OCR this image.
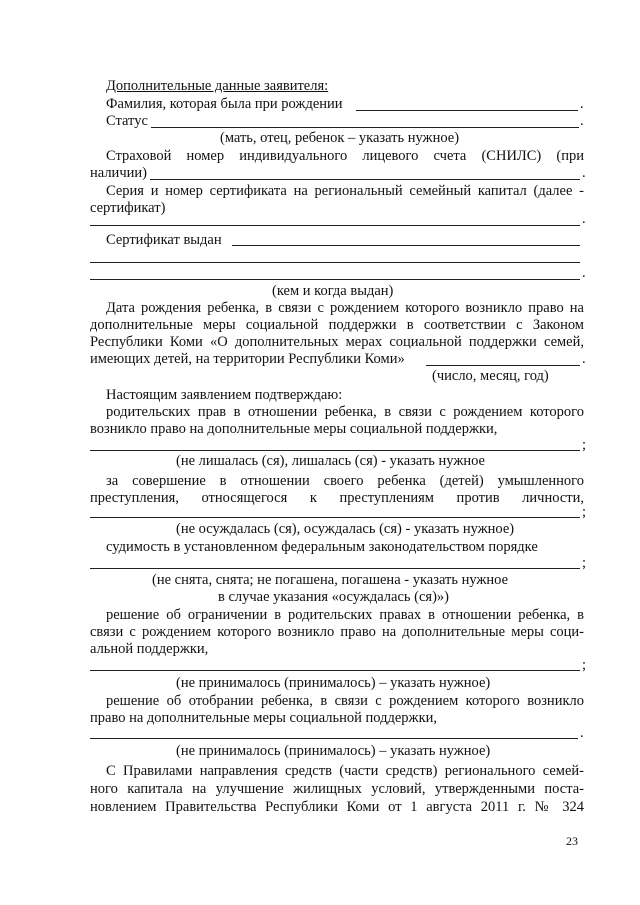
Дополнительные данные заявителя:
Фамилия, которая была при рождении	.
Статус	.
(мать, отец, ребенок – указать нужное)
Страховой номер индивидуального лицевого счета (СНИЛС) (при
наличии)	.
Серия и номер сертификата на региональный семейный капитал (далее -
сертификат)
.
Сертификат выдан
.
(кем и когда выдан)
Дата рождения ребенка, в связи с рождением которого возникло право на
дополнительные меры социальной поддержки в соответствии с Законом
Республики Коми «О дополнительных мерах социальной поддержки семей,
имеющих детей, на территории Республики Коми»	.
(число, месяц, год)
Настоящим заявлением подтверждаю:
родительских прав в отношении ребенка, в связи с рождением которого
возникло право на дополнительные меры социальной поддержки,
;
(не лишалась (ся), лишалась (ся) - указать нужное
за совершение в отношении своего ребенка (детей) умышленного
преступления, относящегося к преступлениям против личности,
;
(не осуждалась (ся), осуждалась (ся) - указать нужное)
судимость в установленном федеральным законодательством порядке
;
(не снята, снята; не погашена, погашена - указать нужное
в случае указания «осуждалась (ся)»)
решение об ограничении в родительских правах в отношении ребенка, в
связи с рождением которого возникло право на дополнительные меры соци-
альной поддержки,
;
(не принималось (принималось) – указать нужное)
решение об отобрании ребенка, в связи с рождением которого возникло
право на дополнительные меры социальной поддержки,
.
(не принималось (принималось) – указать нужное)
С Правилами направления средств (части средств) регионального семей-
ного капитала на улучшение жилищных условий, утвержденными поста-
новлением Правительства Республики Коми от 1 августа 2011 г. № 324
23
